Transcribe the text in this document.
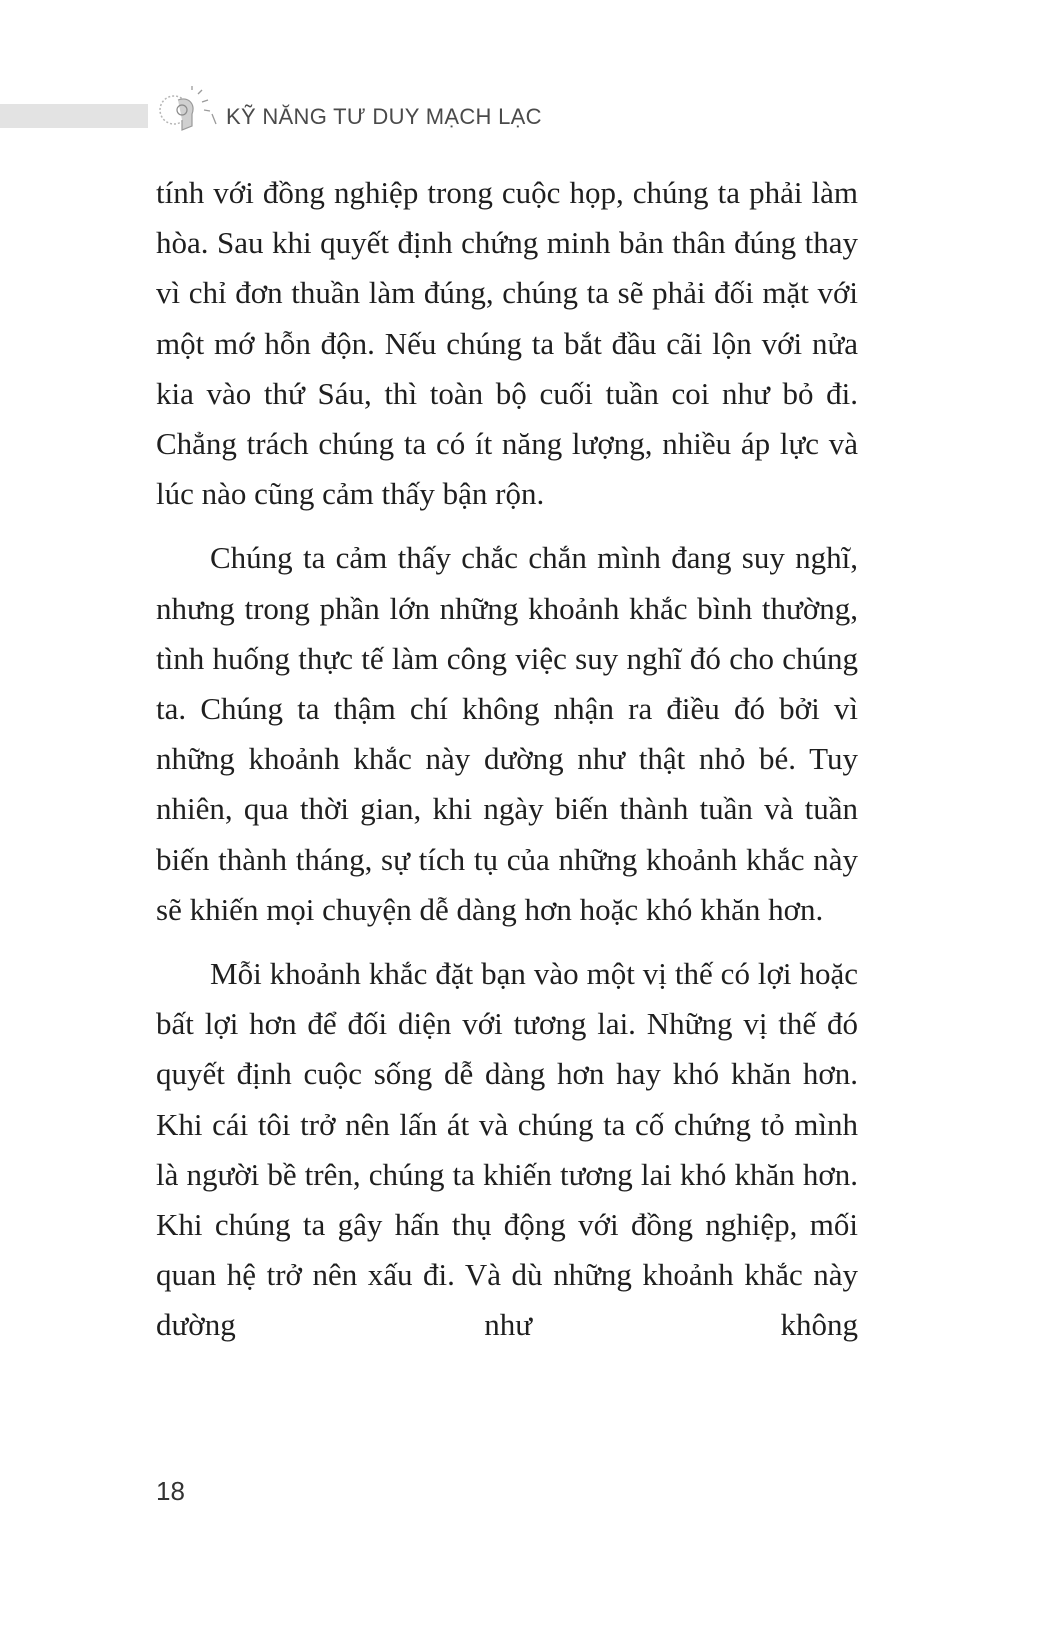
KỸ NĂNG TƯ DUY MẠCH LẠC

tính với đồng nghiệp trong cuộc họp, chúng ta phải làm hòa. Sau khi quyết định chứng minh bản thân đúng thay vì chỉ đơn thuần làm đúng, chúng ta sẽ phải đối mặt với một mớ hỗn độn. Nếu chúng ta bắt đầu cãi lộn với nửa kia vào thứ Sáu, thì toàn bộ cuối tuần coi như bỏ đi. Chẳng trách chúng ta có ít năng lượng, nhiều áp lực và lúc nào cũng cảm thấy bận rộn.

Chúng ta cảm thấy chắc chắn mình đang suy nghĩ, nhưng trong phần lớn những khoảnh khắc bình thường, tình huống thực tế làm công việc suy nghĩ đó cho chúng ta. Chúng ta thậm chí không nhận ra điều đó bởi vì những khoảnh khắc này dường như thật nhỏ bé. Tuy nhiên, qua thời gian, khi ngày biến thành tuần và tuần biến thành tháng, sự tích tụ của những khoảnh khắc này sẽ khiến mọi chuyện dễ dàng hơn hoặc khó khăn hơn.

Mỗi khoảnh khắc đặt bạn vào một vị thế có lợi hoặc bất lợi hơn để đối diện với tương lai. Những vị thế đó quyết định cuộc sống dễ dàng hơn hay khó khăn hơn. Khi cái tôi trở nên lấn át và chúng ta cố chứng tỏ mình là người bề trên, chúng ta khiến tương lai khó khăn hơn. Khi chúng ta gây hấn thụ động với đồng nghiệp, mối quan hệ trở nên xấu đi. Và dù những khoảnh khắc này dường như không

18
